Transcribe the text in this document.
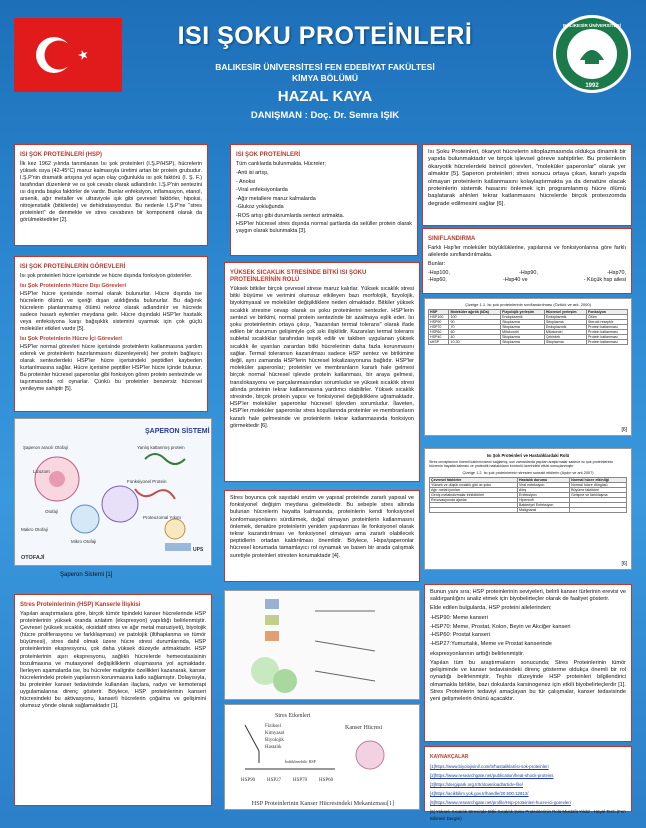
ISI ŞOKU PROTEİNLERİ
BALIKESİR ÜNİVERSİTESİ FEN EDEBİYAT FAKÜLTESİ
KİMYA BÖLÜMÜ
HAZAL KAYA
DANIŞMAN : Doç. Dr. Semra IŞIK
BALIKESİR ÜNİVERSİTESİ
1992
ISI ŞOK PROTEİNLERİ (HSP)

İlk kez 1962 yılında tanımlanan Isı şok proteinleri (I.Ş.P/HSP), hücrelerin yüksek ısıya (42-45°C) maruz kalmasıyla üretimi artan bir protein grubudur. I.Ş.P'nin dramatik artışına yol açan olay çoğunlukla ısı şok faktörü (I. Ş. F.) tarafından düzenlenir ve ısı şok cevabı olarak adlandırılır. I.Ş.P'nin sentezini ısı dışında başka faktörler de vardır. Bunlar enfeksiyon, inflamasyon, etanol, arsenik, ağır metaller ve ultraviyole ışık gibi çevresel faktörler, hipoksi, nitrojenstatik (bitkilerde) ve dehidratasyondur. Bu nedenle I.Ş.P'ne "stres proteinleri" de denmekte ve stres cevabının bir komponenti olarak da görülmektedirler [2].

ISI ŞOK PROTEİNLERİ

Tüm canlılarda bulunmakta. Hücreler;

-Anti isi artışı,
- Anoksi
-Viral enfeksiyonlarda
-Ağır metallere maruz kalmalarda
-Glukoz yokluğunda
-ROS artışı gibi durumlarda sentezi artmakta.

HSP'ler hücresel stres dışında normal şartlarda da selüller protein olarak yaygın olarak bulunmakta [3].

Isı Şoku Proteinleri, ökaryot hücrelerin sitoplazmasında oldukça dinamik bir yapıda bulunmaktadır ve birçok işlevsel göreve sahiptirler. Bu proteinlerin ökaryotik hücrelerdeki birincil görevleri, "moleküler şaperonlar" olarak yer almaktır [5]. Şaperon proteinleri; stres sonucu ortaya çıkan, kararlı yapıda olmayan proteinlerin katlanmasını kolaylaştırmakta ya da denatüre olacak proteinlerin sistemik hasarını önlemek için programlanmış hücre ölümü başlatarak ahlnleri tekrar katlanmasını hücrelerde birçok proteozomda degrade edilmesini sağlar [6].

SINIFLANDIRMA

Farklı Hsp'ler moleküler büyüklüklerine, yapılarına ve fonksiyonlarına göre farklı ailelerde sınıflandırılmakta.

Bunlar:

-Hsp100,	-Hsp90,	-Hsp70,
-Hsp60,	-Hsp40 ve	- Küçük hsp ailesi
ISI ŞOK PROTEİNLERİN GÖREVLERİ

Isı şok proteinleri hücre içerisinde ve hücre dışında fonksiyon gösterirler.

Isı Şok Proteinlerin Hücre Dışı Görevleri

HSP'ler hücre içerisinde normal olarak bulunurlar. Hücre dışında ise hücrelerin ölümü ve içeriği dışarı atıldığında bulunurlar. Bu dağınık hücrelerin planlanmamış ölümü nekroz olarak adlandırılır ve hücrede sadece hasarlı eylemler meydana gelir. Hücre dışındaki HSP'ler hastalık veya enfeksiyona karşı bağışıklık sistemini uyarmak için çok güçlü moleküler etkileri vardır [5].

Isı Şok Proteinlerin Hücre İçi Görevleri

HSP'ler normal görevleri hücre içerisinde proteinlerin katlanmasına yardım ederek ve proteinlerin hazırlanmasını düzenleyerek) her protein bağlayıcı olarak sentezlerdeki HSP'ler hücre içerisindeki peptidleri kaybeden kurtarılmasına sağlar. Hücre içerisine peptitler HSP'ler hücre içinde bulunur. Bu proteinler hücresel şaperonlar gibi fonksiyon gören protein sentezinde ve taşınmasında rol oynarlar. Çünkü bu proteinler benzersiz hücresel yenileyme sahiptir [5].

YÜKSEK SICAKLIK STRESİNDE BİTKİ ISI ŞOKU PROTEİNLERİNİN ROLÜ

Yüksek bitkiler birçok çevresel strese maruz kalırlar. Yüksek sıcaklık stresi bitki büyüme ve verimini olumsuz etkileyen bazı morfolojik, fizyolojik, biyokimyasal ve moleküler değişikliklere neden olmaktadır. Bitkiler yüksek sıcaklık stresine cevap olarak ısı şoku proteinlerini sentezler. HSP'lerin sentezi ve birikimi, normal protein sentezinde bir azalmaya eşlik eder. Isı şoku proteinlerinin ortaya çıkışı, "kazanılan termal tolerans" olarak ifade edilen bir durumun gelişimiyle çok sıkı ilişkilidir. Kazanılan termal tolerans subletal sıcaklıklar tarafından teşvik edilir ve takiben uygulanan yüksek sıcaklık ile uyarılan zarardan bitki hücrelerinin daha fazla korunmasını sağlar. Termal toleransın kazanılması sadece HSP sentez ve birikimine değil, aynı zamanda HSP'lerin hücresel lokalizasyonuna bağlıdır. HSP'ler moleküler şaperonlar; proteinler ve membranların kararlı hale gelmesi birçok normal hücresel işlevde protein katlanması, bir araya gelmesi, translokasyonu ve parçalanmasından sorumludur ve yüksek sıcaklık stresi altında proteinin tekrar katlanmasına yardımcı olabilirler. Yüksek sıcaklık stresinde, birçok protein yapısı ve fonksiyonel değişikliklere uğramaktadır. HSP'ler moleküler şaperonlar hücresel işlevden sorumludur. İlaveten, HSP'ler moleküler şaperonlar stres koşullarında proteinler ve membranların kararlı hale gelmesinde ve proteinlerin tekrar katlanmasında fonksiyon görmektedir [6].

Çizelge 1.1. Isı şok proteinlerinin sınıflandırılması (Öztürk ve ark. 2000)
HSP	Moleküler ağırlık (kDa)	Fizyolojik yerleşim	Hücresel yerleşim	Fonksiyon
HSP100	100	Endoplazmik	Endoplazmik	Ölüm
HSP90	90	Sitoplazma	Sitoplazma	Steroid reseptör
HSP70	70	Sitoplazma	Endoplazmik	Protein katlanması
HSP60	60	Mitokondri	Mitokondri	Protein katlanması
HSP40	40	Sitoplazma	Çekirdek	Protein katlanması
sHSP	10-30	Sitoplazma	Sitoplazma	Protein katlanması
[6]
Isı Şok Proteinleri ve Hastalıklardaki Rolü
Stres cevaplarının önemli katılımcılarını sağlamış, son zamanlarda yapılan araştırmalar sadece ısı şok proteinlerinin hücrenin hayatta kalması ve proteotik hastalıkların kontrolü üzerindeki etkisi sonuçlanmıştır
Çizelge 1.2. Isı şok proteinlerinin stresten sonraki etkilerin (Aydın ve ark 2007)
Çevresel faktörler	Hastalık durumu	Normal hücre etkinliği
Yüksek ve düşük sıcaklık gibi ısı şoku	Viral enfeksiyon	Normal hücre döngüsü
Ağır metal iyonları	Ateş	Büyüme faktörleri
Geniş metabolizmalar inhibitörleri	Enfeksiyon	Gelişme ve farklılaşma
Renovasyonda ajanlar	Hipertrofi	
	Bakteriyel Enfeksiyon	
	Malignansi	
[6]
ŞAPERON SİSTEMİ
Şaperon aracılı Otofaji
Otofaji
Lizozom
Makro Otofaji
Mikro Otofaji
Yanlış katlanmış protein
Fonksiyonel Protein
Proteozomal Yıkım
UPS
OTOFAJİ
Şaperon Sistemi [1]

Stres boyunca çok sayıdaki enzim ve yapısal proteinde zararlı yapısal ve fonksiyonel değişim meydana gelmektedir. Bu sebeple stres altında bulunan hücrelerin hayatta kalmasında, proteinlerin kendi fonksiyonel konformasyonlarını sürdürmek, doğal olmayan proteinlerin katlanmasını önlemek, denatüre proteinlerin yeniden yapılanması ile fonksiyonel olarak tekrar kazandırılması ve fonksiyonel olmayan ama zararlı olabilecek peptidlerin ortadan kaldırılması önemlidir. Böylece, Hsps/şaperonlar hücresel korumada tamamlayıcı rol oynamak ve basen bir arada çalışmak suretiyle proteinleri stresten korumaktadır [4].

Stres Proteinlerinin (HSP) Kanserle İlişkisi

Yapılan araştırmalara göre, birçok tümör tipindeki kanser hücrelerinde HSP proteinlerinin yüksek oranda anlatım (ekspresyon) yapıldığı belirlenmiştir. Çevresel (yüksek sıcaklık, oksidatif stres ve ağır metal maruziyeti), biyolojik (hücre proliferasyonu ve farklılaşması) ve patolojik (iltihaplanma ve tümör büyümesi), stres dahil olmak üzere hücre stresi durumlarında, HSP proteinlerinin ekspresyonu, çok daha yüksek düzeyde artmaktadır. HSP proteinlerinin aşırı ekspresyonu, sağlıklı hücrelerde hemeostasisinin bozulmasına ve mutasyonel değişikliklerin oluşmasına yol açmaktadır. İlerleyen aşamalarda ise, bu hücreler malignite özellikleri kazanarak, kanser hücrelerindeki protein yapılarının korunmasına katkı sağlamıştır. Dolayısıyla, bu proteinler kanser tedavisinde kullanılan ilaçlara, radyo ve kemoterapi uygulamalarına direnç gösterir. Böylece, HSP proteinlerinin kanseri hücresindeki bu aktivasyonu, kanserli hücrelerin çoğalma ve gelişimini olumsuz yönde olarak sağlamaktadır [1].

Stres Etkenleri
Fiziksel
Kimyasal
Biyolojik
Hastalık
Kanser Hücresi
İndüklenebilir HSP
HSP90 HSP27 HSP70 HSP60
HSP Proteinlerinin Kanser Hücresindeki Mekanizması[1]

Bunun yanı sıra; HSP proteinlerinin seviyeleri, belirli kanser türlerinin erevisi ve saldırganlığını analiz etmek için biyobelirteçler olarak de faaliyet gösterir.

Elde edilen bulgularda, HSP proteini ailelerinden;

-HSP90: Meme kanseri
-HSP70: Meme, Prostat, Kolon, Beyin ve Akciğer kanseri
-HSP60: Prostat kanseri
-HSP27:Yumurtalık, Meme ve Prostat kanserinde

ekspresyonlarının arttığı belirlenmiştir.

Yapılan tüm bu araştırmaların sonucunda; Stres Proteinlerinin tümör gelişiminde ve kanser tedavisindeki direnç gösterme oldukça önemli bir rol oynadığı belirlenmiştir. Teşhis düzeyinde HSP proteinleri bilgilendirici olmamakla birlikte, bazı dokularda karsinogenez için etkili biyobelirteçlerdir [1]. Stres Proteinlerin tedaviyi amaçlayan bu tür çalışmalar, kanser tedavisinde yeni gelişmelerin önünü açacaktır.

KAYNAKÇALAR
[1]https://www.biyolojisinif.com/tr/hastaliklar/isi-sok-proteinleri
[2]https://www.researchgate.net/publication/heat-shock-proteins
[3]https://dergipark.org.tr/tr/download/article-file/
[4]https://acikbilim.yok.gov.tr/handle/20.500.12812/
[5]https://www.researchgate.net/profile/Hsp-proteinleri-hucre-ici-gorevleri
[6] Yüksek Sıcaklık Stresinde Bitki Sıcaklık Şoku Proteinlerinin Rolü Mustafa Yıldız , Hayal Terzi (Fen Bilimleri Dergisi)
